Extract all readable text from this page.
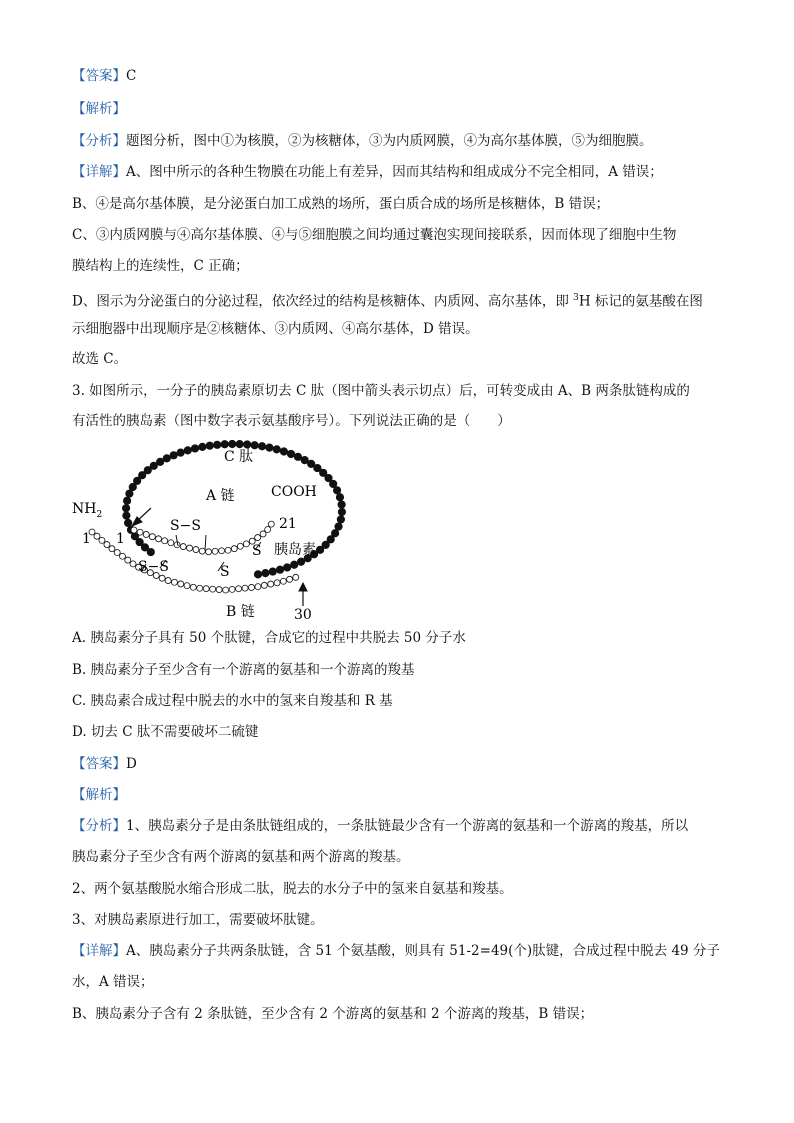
【答案】C
【解析】
【分析】题图分析，图中①为核膜，②为核糖体，③为内质网膜，④为高尔基体膜，⑤为细胞膜。
【详解】A、图中所示的各种生物膜在功能上有差异，因而其结构和组成成分不完全相同，A 错误；
B、④是高尔基体膜，是分泌蛋白加工成熟的场所，蛋白质合成的场所是核糖体，B 错误；
C、③内质网膜与④高尔基体膜、④与⑤细胞膜之间均通过囊泡实现间接联系，因而体现了细胞中生物
膜结构上的连续性，C 正确；
D、图示为分泌蛋白的分泌过程，依次经过的结构是核糖体、内质网、高尔基体，即 $^3$H 标记的氨基酸在图
示细胞器中出现顺序是②核糖体、③内质网、④高尔基体，D 错误。
故选 C。
3. 如图所示，一分子的胰岛素原切去 C 肽（图中箭头表示切点）后，可转变成由 A、B 两条肽链构成的
有活性的胰岛素（图中数字表示氨基酸序号）。下列说法正确的是（　　）
C 肽
A 链
B 链
胰岛素
COOH
21
1
1
30
$NH_2$
S−S
S−S
S
S
A. 胰岛素分子具有 50 个肽键，合成它的过程中共脱去 50 分子水
B. 胰岛素分子至少含有一个游离的氨基和一个游离的羧基
C. 胰岛素合成过程中脱去的水中的氢来自羧基和 R 基
D. 切去 C 肽不需要破坏二硫键
【答案】D
【解析】
【分析】1、胰岛素分子是由条肽链组成的，一条肽链最少含有一个游离的氨基和一个游离的羧基，所以
胰岛素分子至少含有两个游离的氨基和两个游离的羧基。
2、两个氨基酸脱水缩合形成二肽，脱去的水分子中的氢来自氨基和羧基。
3、对胰岛素原进行加工，需要破坏肽键。
【详解】A、胰岛素分子共两条肽链，含 51 个氨基酸，则具有 51-2=49(个)肽键，合成过程中脱去 49 分子
水，A 错误；
B、胰岛素分子含有 2 条肽链，至少含有 2 个游离的氨基和 2 个游离的羧基，B 错误；
